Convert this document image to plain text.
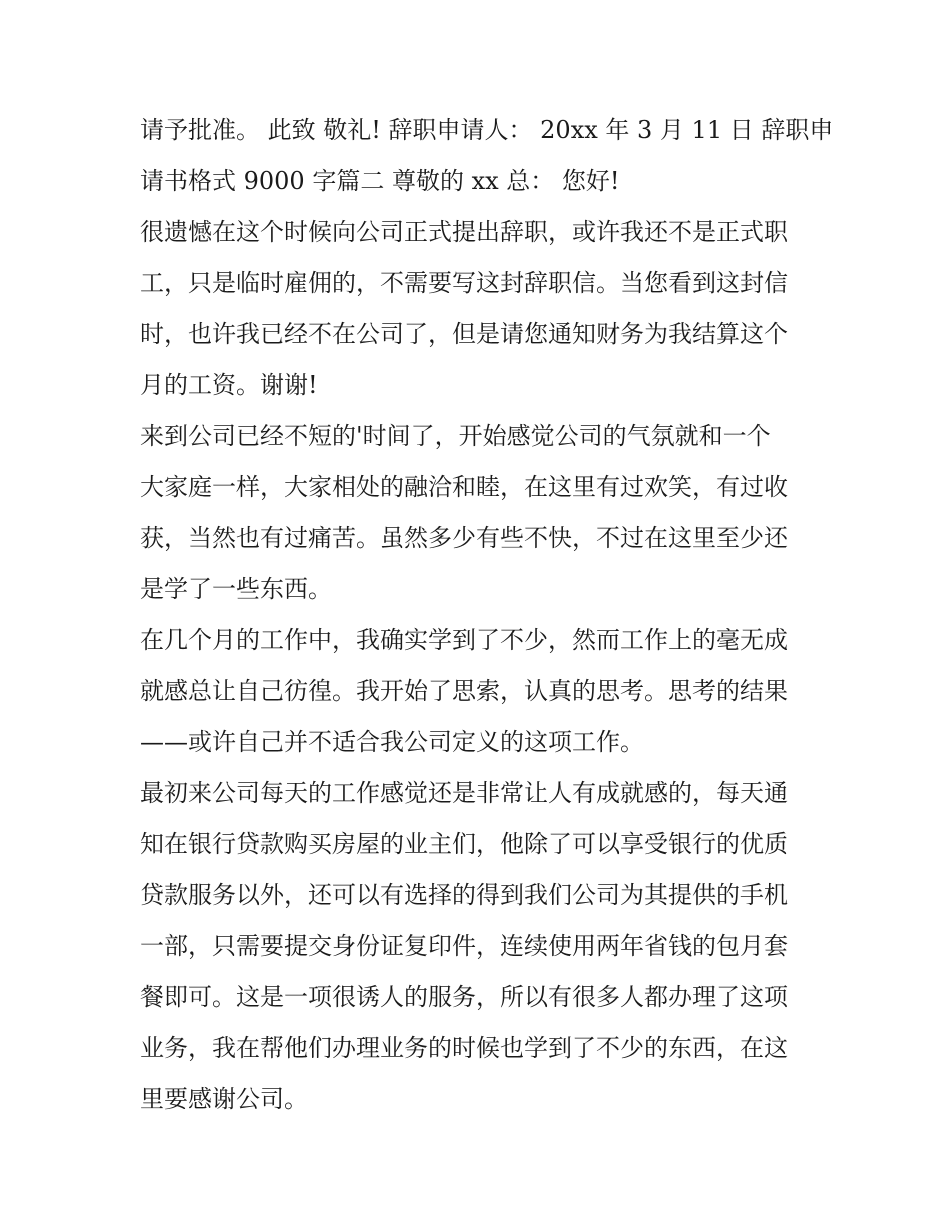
请予批准。 此致 敬礼! 辞职申请人： 20xx 年 3 月 11 日 辞职申
请书格式 9000 字篇二 尊敬的 xx 总： 您好!
很遗憾在这个时候向公司正式提出辞职，或许我还不是正式职
工，只是临时雇佣的，不需要写这封辞职信。当您看到这封信
时，也许我已经不在公司了，但是请您通知财务为我结算这个
月的工资。谢谢!
来到公司已经不短的'时间了，开始感觉公司的气氛就和一个
大家庭一样，大家相处的融洽和睦，在这里有过欢笑，有过收
获，当然也有过痛苦。虽然多少有些不快，不过在这里至少还
是学了一些东西。
在几个月的工作中，我确实学到了不少，然而工作上的毫无成
就感总让自己彷徨。我开始了思索，认真的思考。思考的结果
——或许自己并不适合我公司定义的这项工作。
最初来公司每天的工作感觉还是非常让人有成就感的，每天通
知在银行贷款购买房屋的业主们，他除了可以享受银行的优质
贷款服务以外，还可以有选择的得到我们公司为其提供的手机
一部，只需要提交身份证复印件，连续使用两年省钱的包月套
餐即可。这是一项很诱人的服务，所以有很多人都办理了这项
业务，我在帮他们办理业务的时候也学到了不少的东西，在这
里要感谢公司。
